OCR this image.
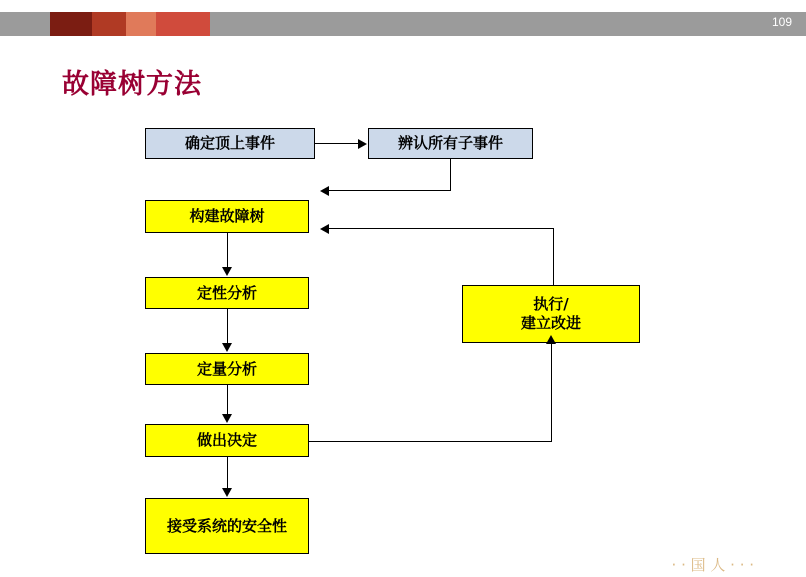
109
故障树方法
确定顶上事件	辨认所有子事件
构建故障树
定性分析
定量分析
做出决定
接受系统的安全性
执行/
建立改进
· · 国 人 · · ·
